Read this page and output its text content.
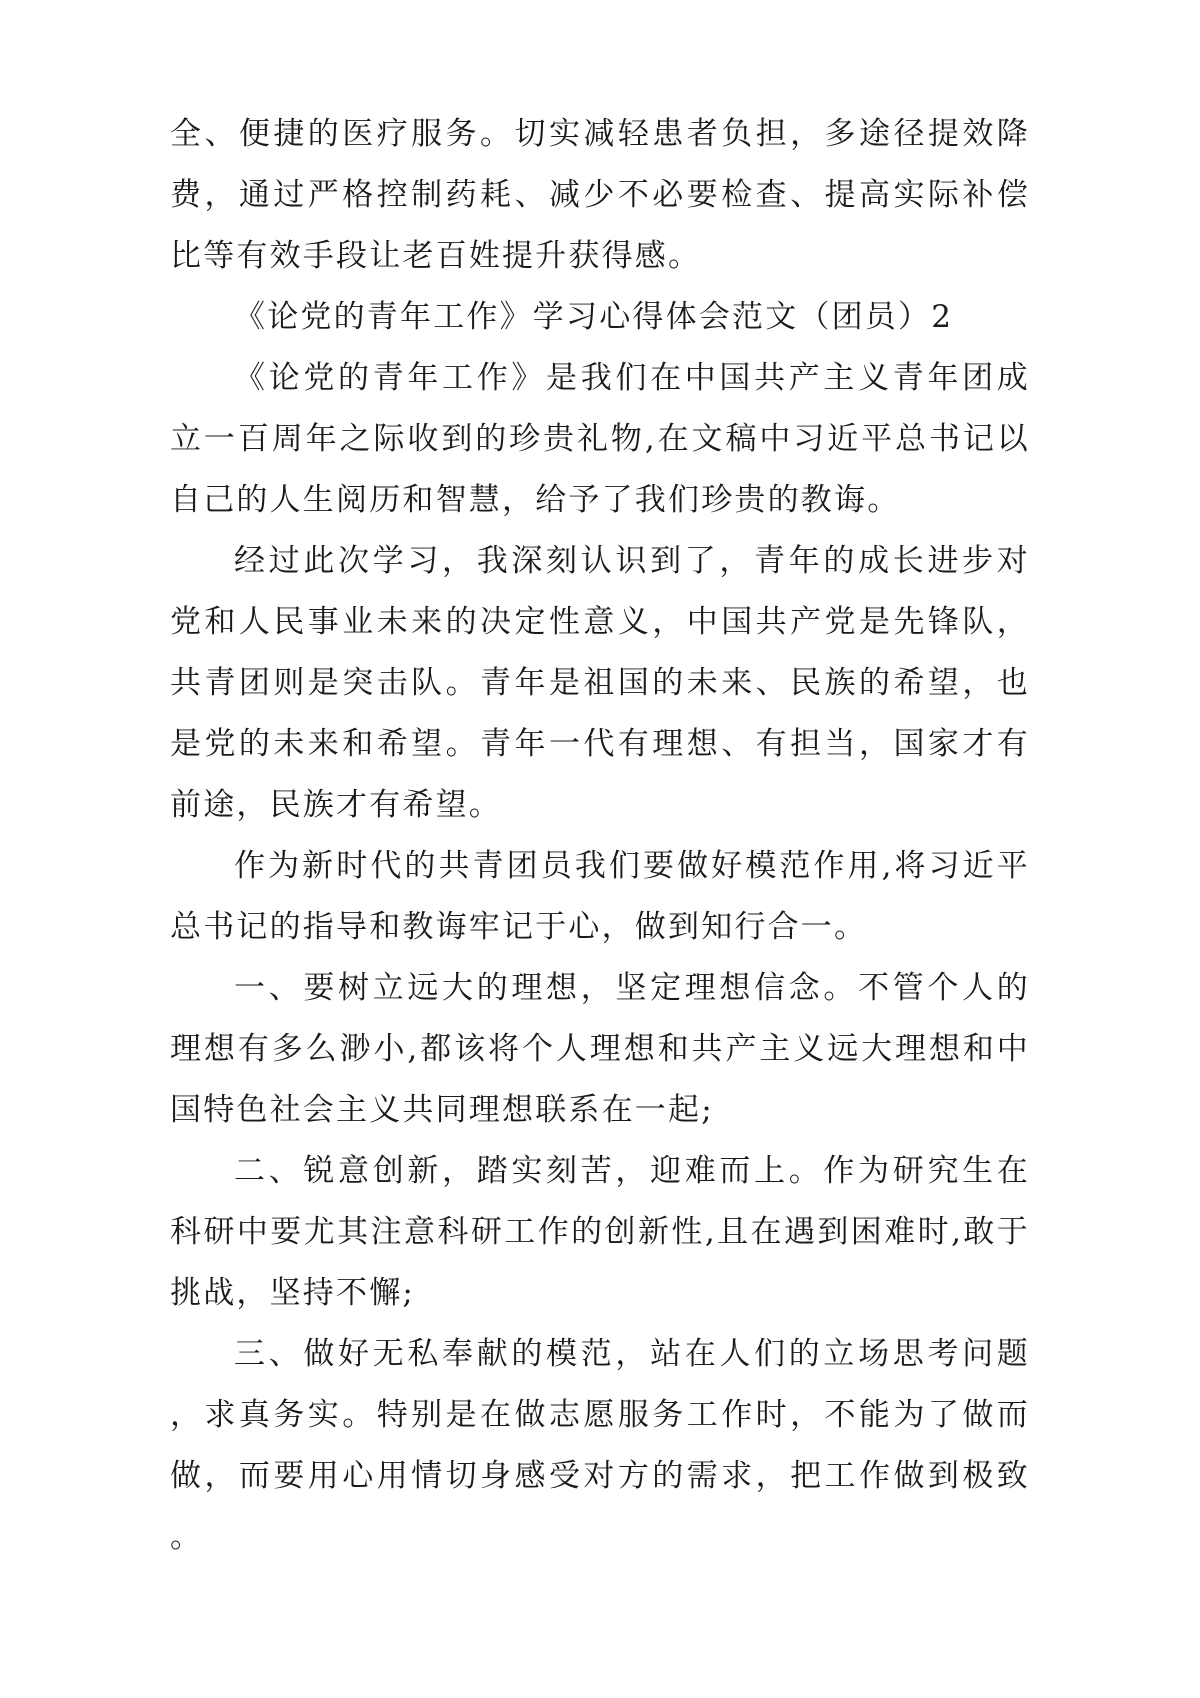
全、便捷的医疗服务。切实减轻患者负担，多途径提效降费，通过严格控制药耗、减少不必要检查、提高实际补偿比等有效手段让老百姓提升获得感。

《论党的青年工作》学习心得体会范文（团员）2

《论党的青年工作》是我们在中国共产主义青年团成立一百周年之际收到的珍贵礼物,在文稿中习近平总书记以自己的人生阅历和智慧，给予了我们珍贵的教诲。

经过此次学习，我深刻认识到了，青年的成长进步对党和人民事业未来的决定性意义，中国共产党是先锋队，共青团则是突击队。青年是祖国的未来、民族的希望，也是党的未来和希望。青年一代有理想、有担当，国家才有前途，民族才有希望。

作为新时代的共青团员我们要做好模范作用,将习近平总书记的指导和教诲牢记于心，做到知行合一。

一、要树立远大的理想，坚定理想信念。不管个人的理想有多么渺小,都该将个人理想和共产主义远大理想和中国特色社会主义共同理想联系在一起;

二、锐意创新，踏实刻苦，迎难而上。作为研究生在科研中要尤其注意科研工作的创新性,且在遇到困难时,敢于挑战，坚持不懈;

三、做好无私奉献的模范，站在人们的立场思考问题，求真务实。特别是在做志愿服务工作时，不能为了做而做，而要用心用情切身感受对方的需求，把工作做到极致。
